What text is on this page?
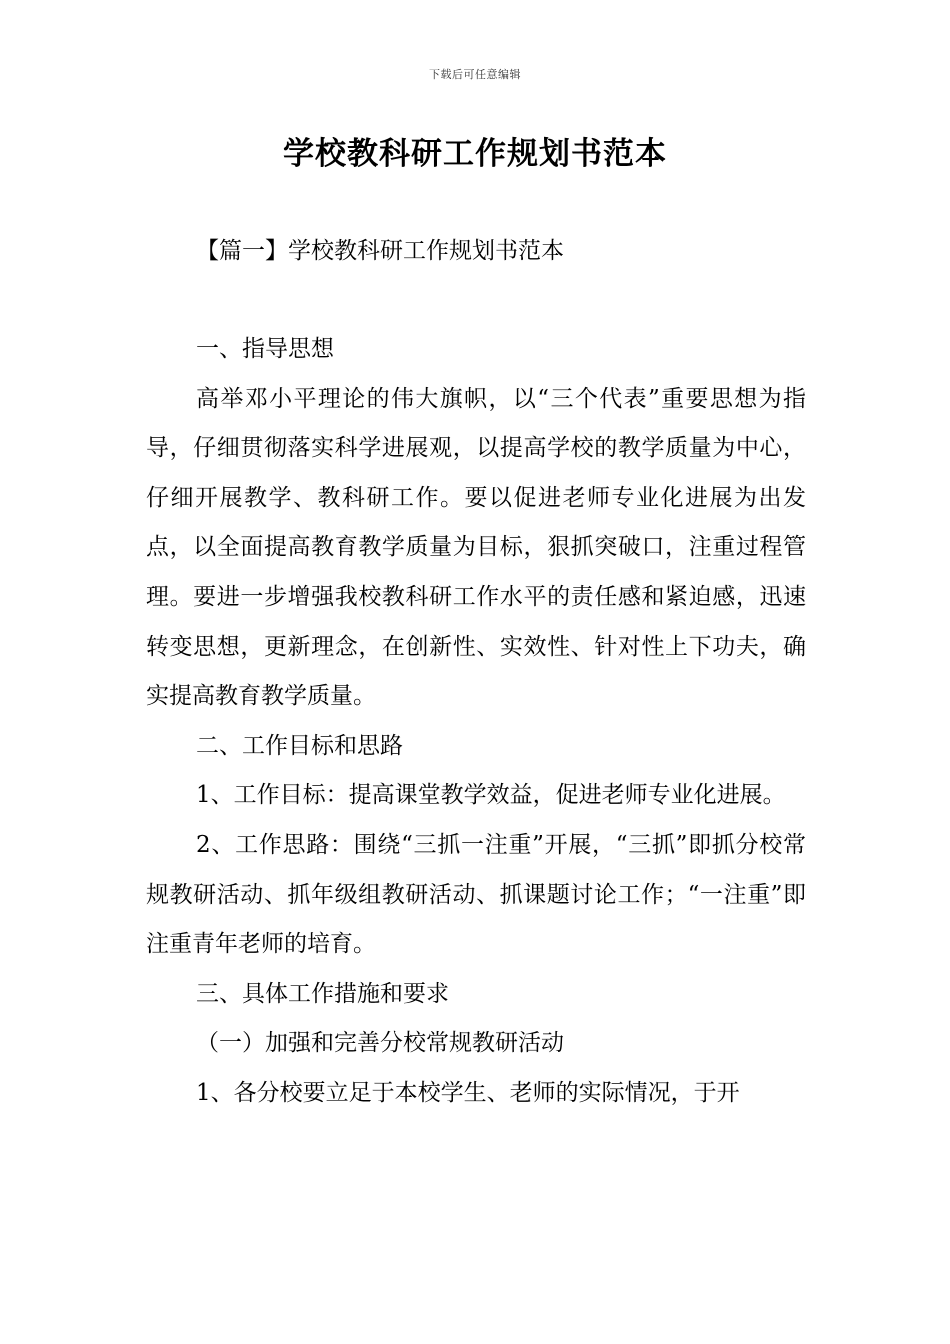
下载后可任意编辑
学校教科研工作规划书范本
【篇一】学校教科研工作规划书范本

一、指导思想

高举邓小平理论的伟大旗帜，以“三个代表”重要思想为指导，仔细贯彻落实科学进展观，以提高学校的教学质量为中心，仔细开展教学、教科研工作。要以促进老师专业化进展为出发点，以全面提高教育教学质量为目标，狠抓突破口，注重过程管理。要进一步增强我校教科研工作水平的责任感和紧迫感，迅速转变思想，更新理念，在创新性、实效性、针对性上下功夫，确实提高教育教学质量。

二、工作目标和思路

1、工作目标：提高课堂教学效益，促进老师专业化进展。

2、工作思路：围绕“三抓一注重”开展，“三抓”即抓分校常规教研活动、抓年级组教研活动、抓课题讨论工作；“一注重”即注重青年老师的培育。

三、具体工作措施和要求

（一）加强和完善分校常规教研活动

1、各分校要立足于本校学生、老师的实际情况，于开
